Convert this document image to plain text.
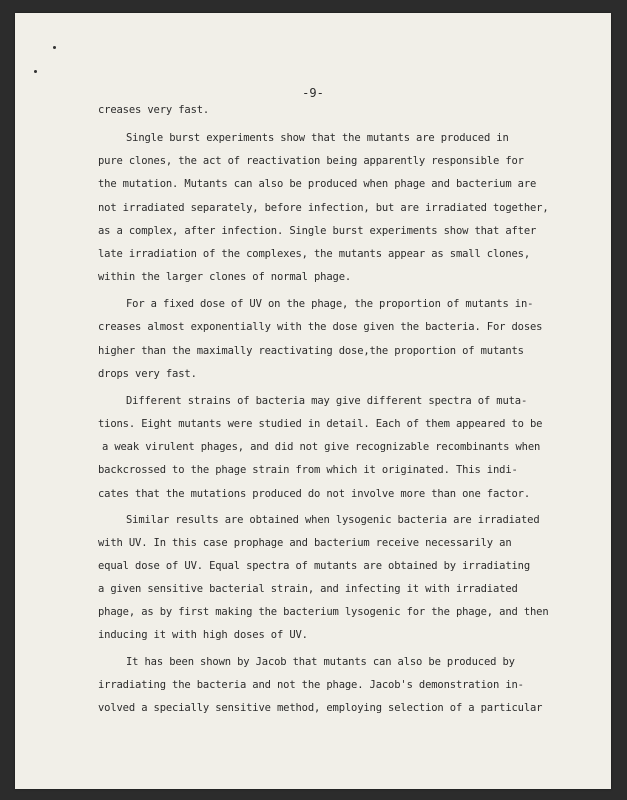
-9-
creases very fast.
Single burst experiments show that the mutants are produced in
pure clones, the act of reactivation being apparently responsible for
the mutation. Mutants can also be produced when phage and bacterium are
not irradiated separately, before infection, but are irradiated together,
as a complex, after infection. Single burst experiments show that after
late irradiation of the complexes, the mutants appear as small clones,
within the larger clones of normal phage.
For a fixed dose of UV on the phage, the proportion of mutants in-
creases almost exponentially with the dose given the bacteria. For doses
higher than the maximally reactivating dose,the proportion of mutants
drops very fast.
Different strains of bacteria may give different spectra of muta-
tions. Eight mutants were studied in detail. Each of them appeared to be
a weak virulent phages, and did not give recognizable recombinants when
backcrossed to the phage strain from which it originated. This indi-
cates that the mutations produced do not involve more than one factor.
Similar results are obtained when lysogenic bacteria are irradiated
with UV. In this case prophage and bacterium receive necessarily an
equal dose of UV. Equal spectra of mutants are obtained by irradiating
a given sensitive bacterial strain, and infecting it with irradiated
phage, as by first making the bacterium lysogenic for the phage, and then
inducing it with high doses of UV.
It has been shown by Jacob that mutants can also be produced by
irradiating the bacteria and not the phage. Jacob's demonstration in-
volved a specially sensitive method, employing selection of a particular
